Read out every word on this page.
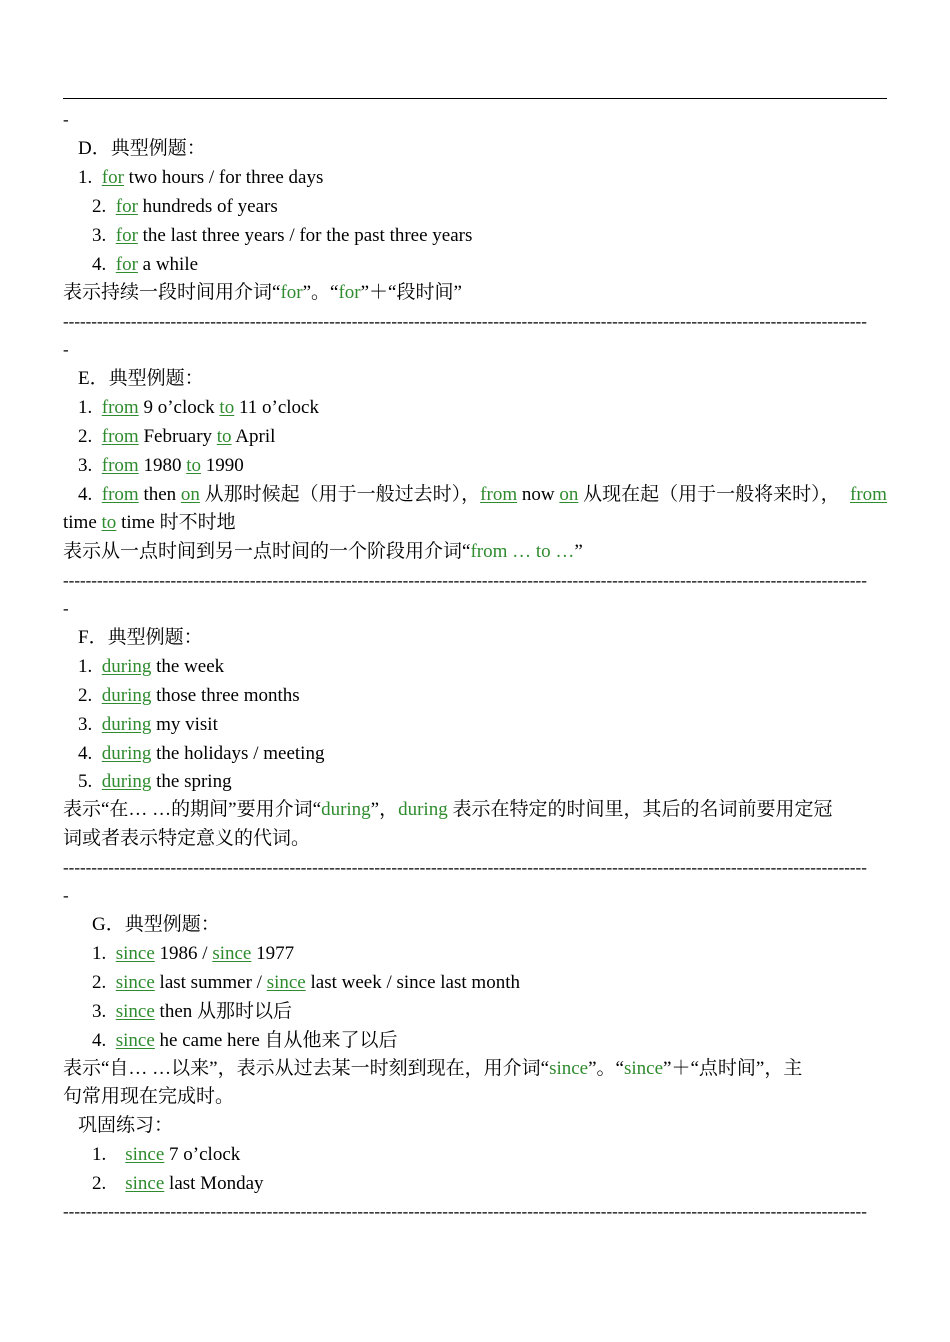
-
D．典型例题：
1. for two hours / for three days
2. for hundreds of years
3. for the last three years / for the past three years
4. for a while
表示持续一段时间用介词“for”。“for”＋“段时间”
----------------------------------------------------------------------------------------------------------------------------------------------
-
E．典型例题：
1. from 9 o’clock to 11 o’clock
2. from February to April
3. from 1980 to 1990
4. from then on 从那时候起（用于一般过去时），from now on 从现在起（用于一般将来时）， from
time to time 时不时地
表示从一点时间到另一点时间的一个阶段用介词“from … to …”
----------------------------------------------------------------------------------------------------------------------------------------------
-
F．典型例题：
1. during the week
2. during those three months
3. during my visit
4. during the holidays / meeting
5. during the spring
表示“在… …的期间”要用介词“during”，during 表示在特定的时间里，其后的名词前要用定冠
词或者表示特定意义的代词。
----------------------------------------------------------------------------------------------------------------------------------------------
-
G．典型例题：
1. since 1986 / since 1977
2. since last summer / since last week / since last month
3. since then 从那时以后
4. since he came here 自从他来了以后
表示“自… …以来”，表示从过去某一时刻到现在，用介词“since”。“since”＋“点时间”，主
句常用现在完成时。
巩固练习：
1. since 7 o’clock
2. since last Monday
----------------------------------------------------------------------------------------------------------------------------------------------
